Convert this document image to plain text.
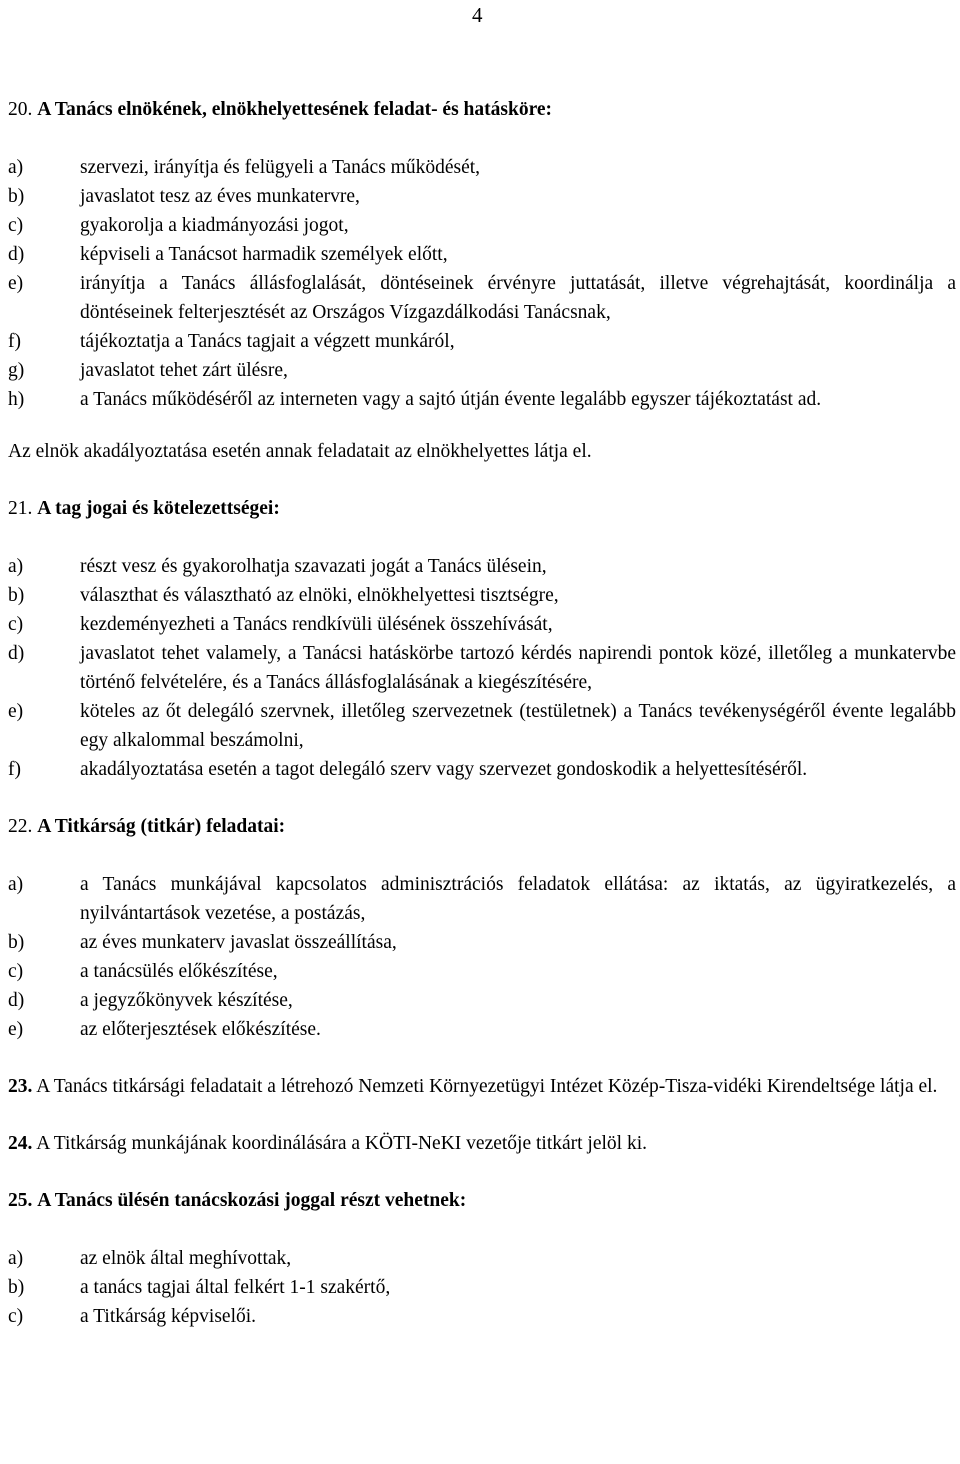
4
20. A Tanács elnökének, elnökhelyettesének feladat- és hatásköre:
a)	szervezi, irányítja és felügyeli a Tanács működését,
b)	javaslatot tesz az éves munkatervre,
c)	gyakorolja a kiadmányozási jogot,
d)	képviseli a Tanácsot harmadik személyek előtt,
e)	irányítja a Tanács állásfoglalását, döntéseinek érvényre juttatását, illetve végrehajtását, koordinálja a döntéseinek felterjesztését az Országos Vízgazdálkodási Tanácsnak,
f)	tájékoztatja a Tanács tagjait a végzett munkáról,
g)	javaslatot tehet zárt ülésre,
h)	a Tanács működéséről az interneten vagy a sajtó útján évente legalább egyszer tájékoztatást ad.
Az elnök akadályoztatása esetén annak feladatait az elnökhelyettes látja el.
21. A tag jogai és kötelezettségei:
a)	részt vesz és gyakorolhatja szavazati jogát a Tanács ülésein,
b)	választhat és választható az elnöki, elnökhelyettesi tisztségre,
c)	kezdeményezheti a Tanács rendkívüli ülésének összehívását,
d)	javaslatot tehet valamely, a Tanácsi hatáskörbe tartozó kérdés napirendi pontok közé, illetőleg a munkatervbe történő felvételére, és a Tanács állásfoglalásának a kiegészítésére,
e)	köteles az őt delegáló szervnek, illetőleg szervezetnek (testületnek) a Tanács tevékenységéről évente legalább egy alkalommal beszámolni,
f)	akadályoztatása esetén a tagot delegáló szerv vagy szervezet gondoskodik a helyettesítéséről.
22. A Titkárság (titkár) feladatai:
a)	a Tanács munkájával kapcsolatos adminisztrációs feladatok ellátása: az iktatás, az ügyiratkezelés, a nyilvántartások vezetése, a postázás,
b)	az éves munkaterv javaslat összeállítása,
c)	a tanácsülés előkészítése,
d)	a jegyzőkönyvek készítése,
e)	az előterjesztések előkészítése.
23. A Tanács titkársági feladatait a létrehozó Nemzeti Környezetügyi Intézet Közép-Tisza-vidéki Kirendeltsége látja el.
24. A Titkárság munkájának koordinálására a KÖTI-NeKI vezetője titkárt jelöl ki.
25. A Tanács ülésén tanácskozási joggal részt vehetnek:
a)	az elnök által meghívottak,
b)	a tanács tagjai által felkért 1-1 szakértő,
c)	a Titkárság képviselői.
